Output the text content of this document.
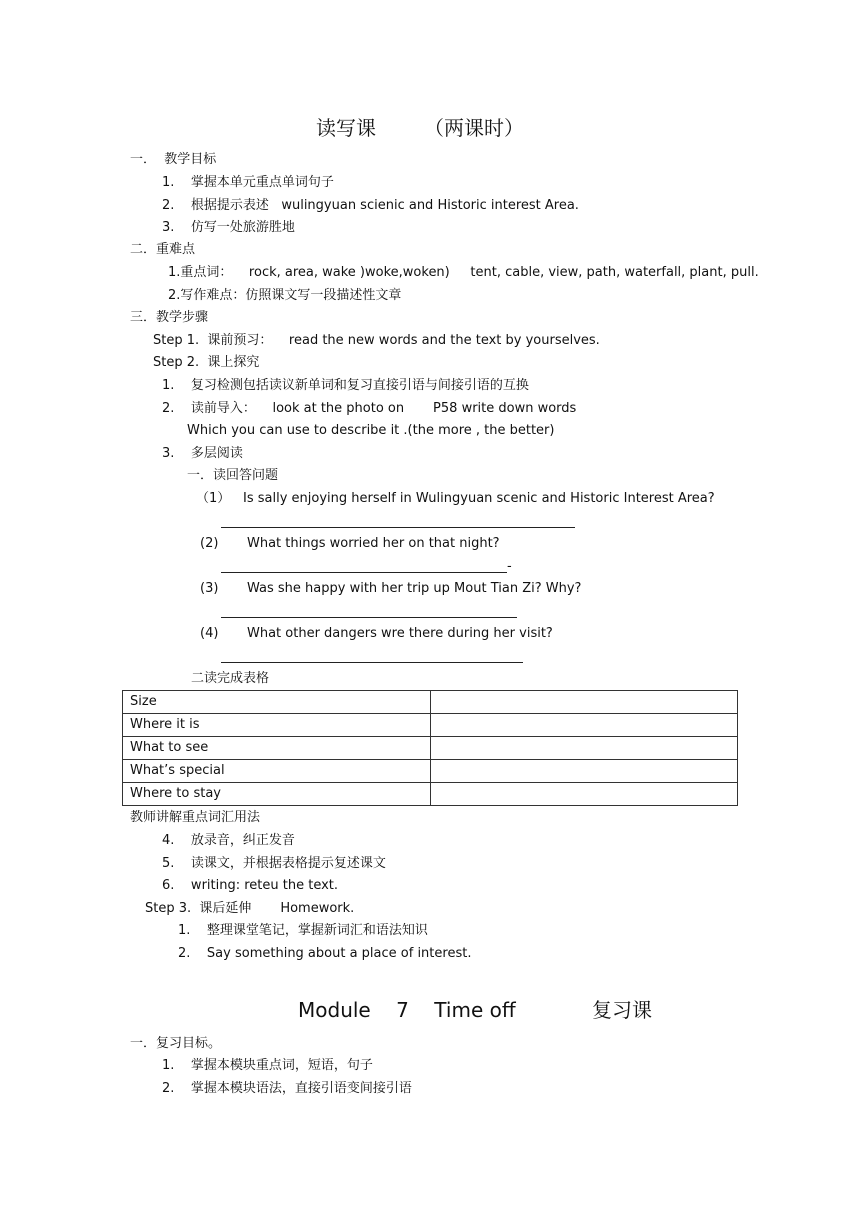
读写课 （两课时）
一．  教学目标
1.    掌握本单元重点单词句子
2.    根据提示表述   wulingyuan scienic and Historic interest Area.
3.    仿写一处旅游胜地
二．重难点
1.重点词：    rock, area, wake )woke,woken)     tent, cable, view, path, waterfall, plant, pull.
2.写作难点：仿照课文写一段描述性文章
三．教学步骤
Step 1.  课前预习：    read the new words and the text by yourselves.
Step 2.  课上探究
1.    复习检测包括读议新单词和复习直接引语与间接引语的互换
2.    读前导入：    look at the photo on       P58 write down words
Which you can use to describe it .(the more , the better)
3.    多层阅读
一．读回答问题
（1） Is sally enjoying herself in Wulingyuan scenic and Historic Interest Area?
(2) What things worried her on that night?
-
(3) Was she happy with her trip up Mout Tian Zi? Why?
(4) What other dangers wre there during her visit?
二读完成表格
Size	
Where it is	
What to see	
What’s special	
Where to stay	
教师讲解重点词汇用法
4.    放录音，纠正发音
5.    读课文，并根据表格提示复述课文
6.    writing: reteu the text.
Step 3.  课后延伸       Homework.
1.    整理课堂笔记，掌握新词汇和语法知识
2.    Say something about a place of interest.
Module    7    Time off	复习课
一．复习目标。
1.    掌握本模块重点词，短语，句子
2.    掌握本模块语法，直接引语变间接引语
